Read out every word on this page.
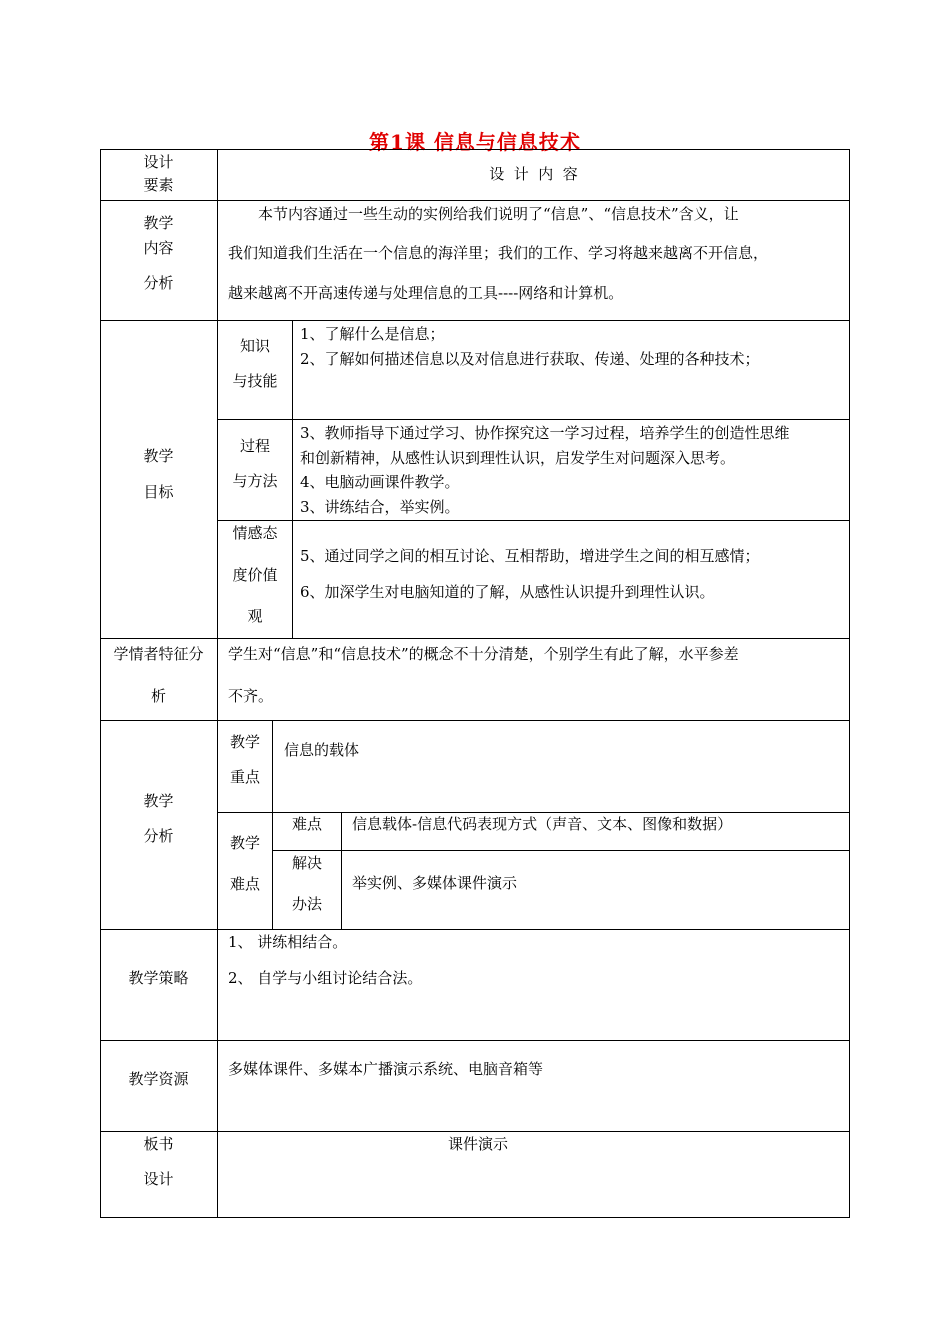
第1课 信息与信息技术
设计
要素
设  计  内  容
教学
内容
分析
本节内容通过一些生动的实例给我们说明了“信息”、“信息技术”含义，让
我们知道我们生活在一个信息的海洋里；我们的工作、学习将越来越离不开信息，
越来越离不开高速传递与处理信息的工具----网络和计算机。
教学
目标
知识
与技能
1、了解什么是信息；
2、了解如何描述信息以及对信息进行获取、传递、处理的各种技术；
过程
与方法
3、教师指导下通过学习、协作探究这一学习过程，培养学生的创造性思维
和创新精神，从感性认识到理性认识，启发学生对问题深入思考。
4、电脑动画课件教学。
3、讲练结合，举实例。
情感态
度价值
观
5、通过同学之间的相互讨论、互相帮助，增进学生之间的相互感情；
6、加深学生对电脑知道的了解，从感性认识提升到理性认识。
学情者特征分
析
学生对“信息”和“信息技术”的概念不十分清楚，个别学生有此了解，水平参差
不齐。
教学
分析
教学
重点
信息的载体
教学
难点
难点	信息载体-信息代码表现方式（声音、文本、图像和数据）
解决
办法
举实例、多媒体课件演示
教学策略
1、 讲练相结合。
2、 自学与小组讨论结合法。
教学资源
多媒体课件、多媒本广播演示系统、电脑音箱等
板书
设计
课件演示
